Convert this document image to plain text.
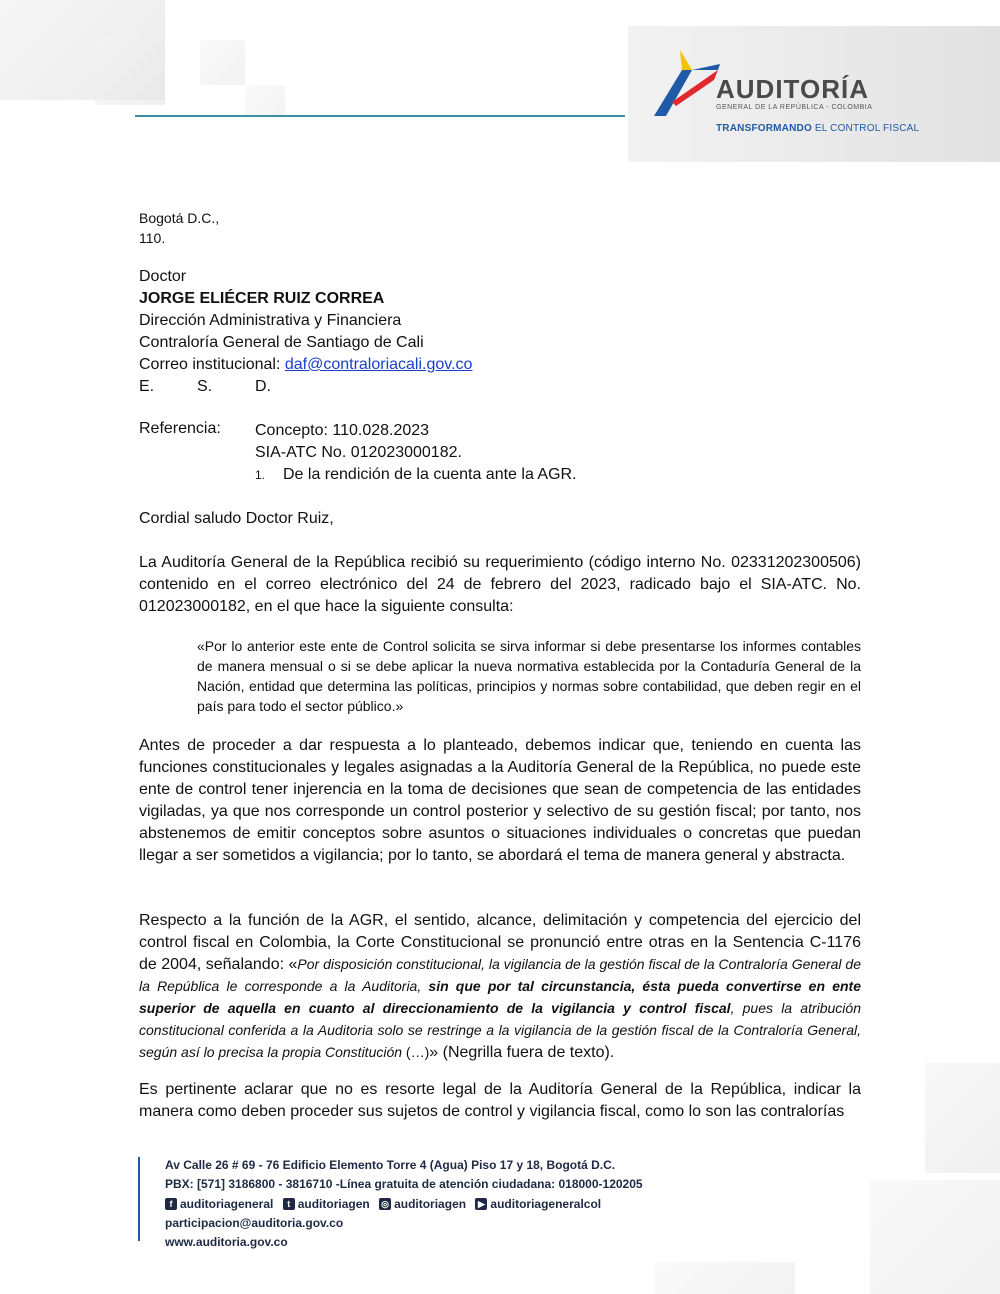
AUDITORÍA
GENERAL DE LA REPÚBLICA - COLOMBIA
TRANSFORMANDO EL CONTROL FISCAL
Bogotá D.C.,
110.
Doctor
JORGE ELIÉCER RUIZ CORREA
Dirección Administrativa y Financiera
Contraloría General de Santiago de Cali
Correo institucional: daf@contraloriacali.gov.co
E.	S.	D.
Referencia: Concepto: 110.028.2023
SIA-ATC No. 012023000182.
1. De la rendición de la cuenta ante la AGR.
Cordial saludo Doctor Ruiz,
La Auditoría General de la República recibió su requerimiento (código interno No. 02331202300506) contenido en el correo electrónico del 24 de febrero del 2023, radicado bajo el SIA-ATC. No. 012023000182, en el que hace la siguiente consulta:
«Por lo anterior este ente de Control solicita se sirva informar si debe presentarse los informes contables de manera mensual o si se debe aplicar la nueva normativa establecida por la Contaduría General de la Nación, entidad que determina las políticas, principios y normas sobre contabilidad, que deben regir en el país para todo el sector público.»
Antes de proceder a dar respuesta a lo planteado, debemos indicar que, teniendo en cuenta las funciones constitucionales y legales asignadas a la Auditoría General de la República, no puede este ente de control tener injerencia en la toma de decisiones que sean de competencia de las entidades vigiladas, ya que nos corresponde un control posterior y selectivo de su gestión fiscal; por tanto, nos abstenemos de emitir conceptos sobre asuntos o situaciones individuales o concretas que puedan llegar a ser sometidos a vigilancia; por lo tanto, se abordará el tema de manera general y abstracta.
Respecto a la función de la AGR, el sentido, alcance, delimitación y competencia del ejercicio del control fiscal en Colombia, la Corte Constitucional se pronunció entre otras en la Sentencia C-1176 de 2004, señalando: «Por disposición constitucional, la vigilancia de la gestión fiscal de la Contraloría General de la República le corresponde a la Auditoria, sin que por tal circunstancia, ésta pueda convertirse en ente superior de aquella en cuanto al direccionamiento de la vigilancia y control fiscal, pues la atribución constitucional conferida a la Auditoria solo se restringe a la vigilancia de la gestión fiscal de la Contraloría General, según así lo precisa la propia Constitución (…)» (Negrilla fuera de texto).
Es pertinente aclarar que no es resorte legal de la Auditoría General de la República, indicar la manera como deben proceder sus sujetos de control y vigilancia fiscal, como lo son las contralorías
Av Calle 26 # 69 - 76 Edificio Elemento Torre 4 (Agua) Piso 17 y 18, Bogotá D.C.
PBX: [571] 3186800 - 3816710 -Línea gratuita de atención ciudadana: 018000-120205
f auditoriageneral
	t auditoriagen
◎ auditoriagen
▶ auditoriageneralcol
participacion@auditoria.gov.co
www.auditoria.gov.co
